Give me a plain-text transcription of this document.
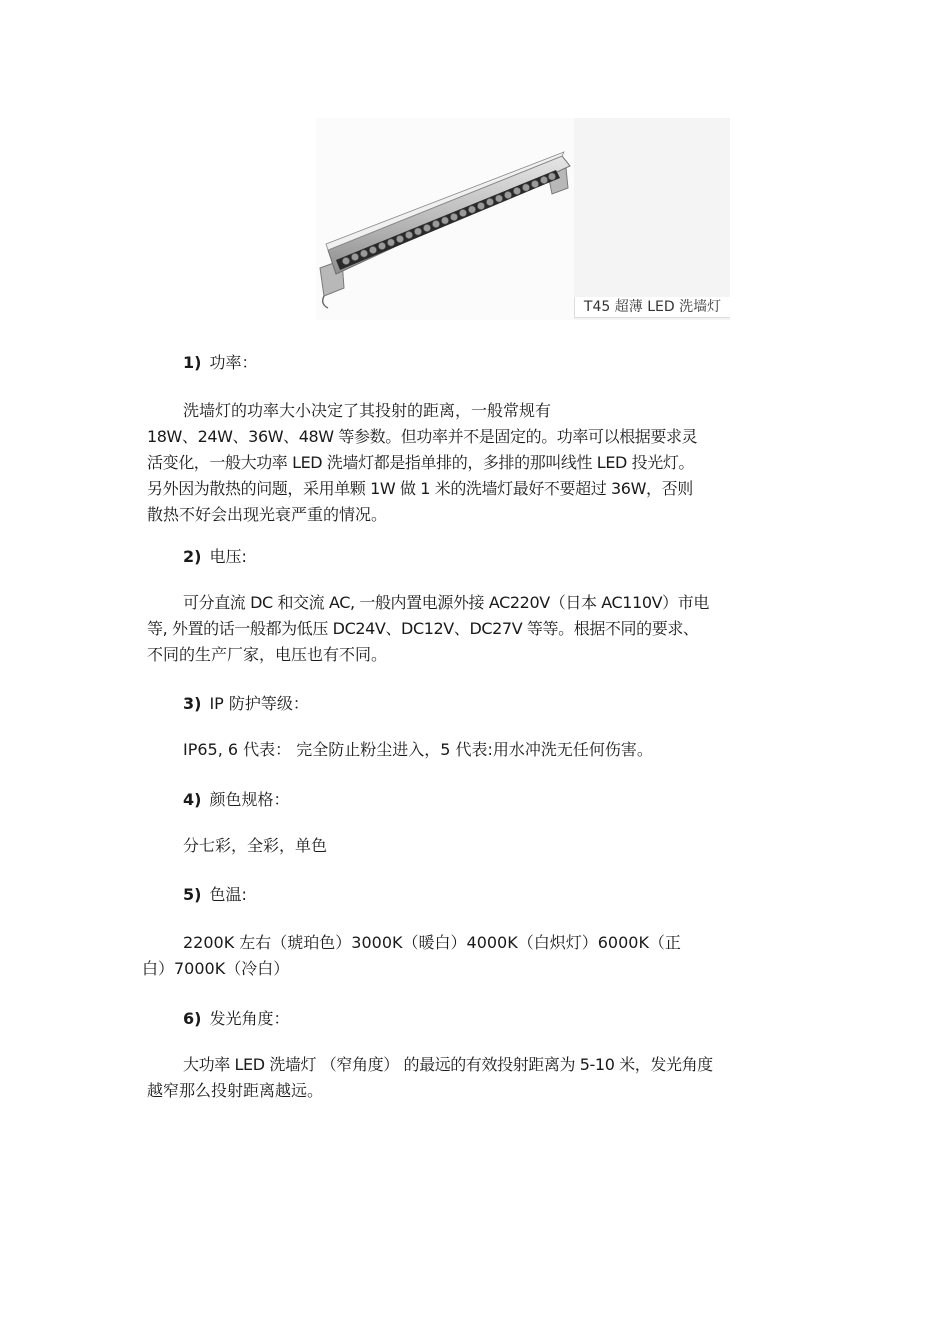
T45 超薄 LED 洗墙灯
1) 功率：
洗墙灯的功率大小决定了其投射的距离，一般常规有
18W、24W、36W、48W 等参数。但功率并不是固定的。功率可以根据要求灵
活变化，一般大功率 LED 洗墙灯都是指单排的，多排的那叫线性 LED 投光灯。
另外因为散热的问题，采用单颗 1W 做 1 米的洗墙灯最好不要超过 36W，否则
散热不好会出现光衰严重的情况。
2) 电压:
可分直流 DC 和交流 AC, 一般内置电源外接 AC220V（日本 AC110V）市电
等, 外置的话一般都为低压 DC24V、DC12V、DC27V 等等。根据不同的要求、
不同的生产厂家，电压也有不同。
3) IP 防护等级：
IP65, 6 代表： 完全防止粉尘进入，5 代表:用水冲洗无任何伤害。
4) 颜色规格：
分七彩，全彩，单色
5) 色温:
2200K 左右（琥珀色）3000K（暖白）4000K（白炽灯）6000K（正
白）7000K（冷白）
6) 发光角度：
大功率 LED 洗墙灯 （窄角度） 的最远的有效投射距离为 5-10 米，发光角度
越窄那么投射距离越远。
